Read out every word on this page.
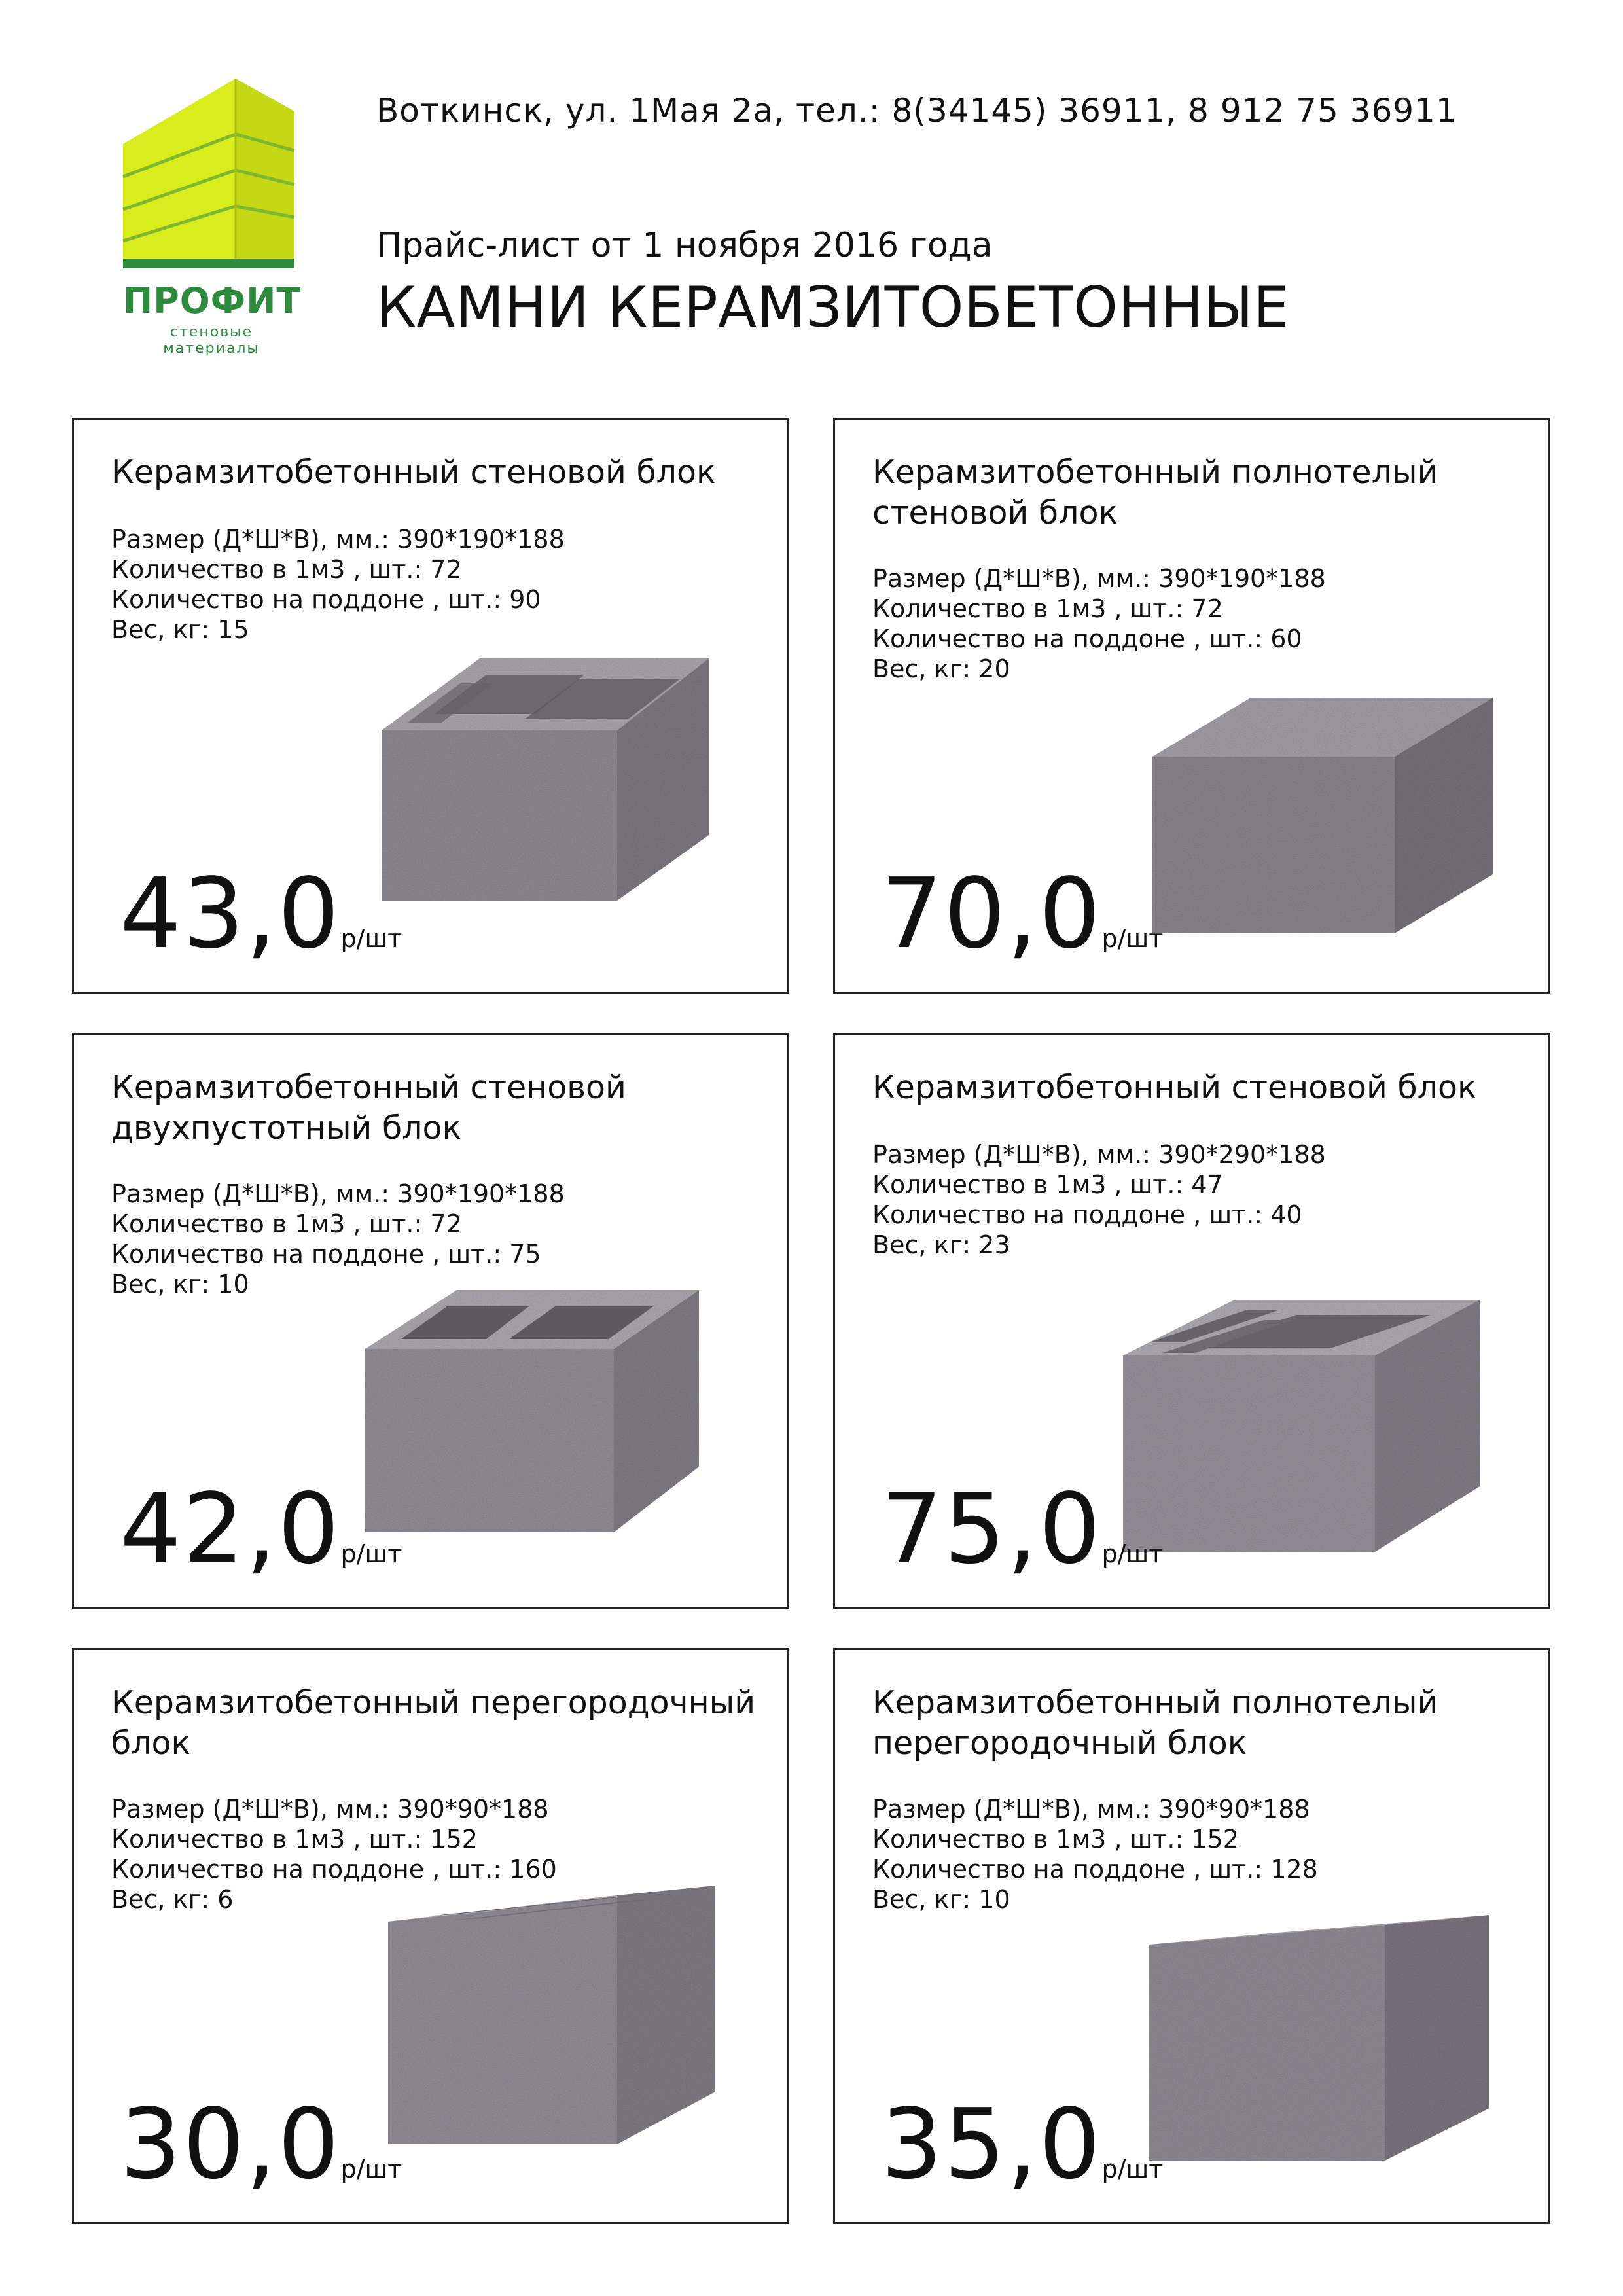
ПРОФИТ
стеновые материалы
Воткинск, ул. 1Мая 2а, тел.: 8(34145) 36911, 8 912 75 36911
Прайс-лист от 1 ноября 2016 года
КАМНИ КЕРАМЗИТОБЕТОННЫЕ
Керамзитобетонный стеновой блок
Размер (Д*Ш*В), мм.: 390*190*188
Количество в 1м3 , шт.: 72
Количество на поддоне , шт.: 90
Вес, кг: 15
43,0р/шт
Керамзитобетонный полнотелый стеновой блок
Размер (Д*Ш*В), мм.: 390*190*188
Количество в 1м3 , шт.: 72
Количество на поддоне , шт.: 60
Вес, кг: 20
70,0р/шт
Керамзитобетонный стеновой двухпустотный блок
Размер (Д*Ш*В), мм.: 390*190*188
Количество в 1м3 , шт.: 72
Количество на поддоне , шт.: 75
Вес, кг: 10
42,0р/шт
Керамзитобетонный стеновой блок
Размер (Д*Ш*В), мм.: 390*290*188
Количество в 1м3 , шт.: 47
Количество на поддоне , шт.: 40
Вес, кг: 23
75,0р/шт
Керамзитобетонный перегородочный блок
Размер (Д*Ш*В), мм.: 390*90*188
Количество в 1м3 , шт.: 152
Количество на поддоне , шт.: 160
Вес, кг: 6
30,0р/шт
Керамзитобетонный полнотелый перегородочный блок
Размер (Д*Ш*В), мм.: 390*90*188
Количество в 1м3 , шт.: 152
Количество на поддоне , шт.: 128
Вес, кг: 10
35,0р/шт
